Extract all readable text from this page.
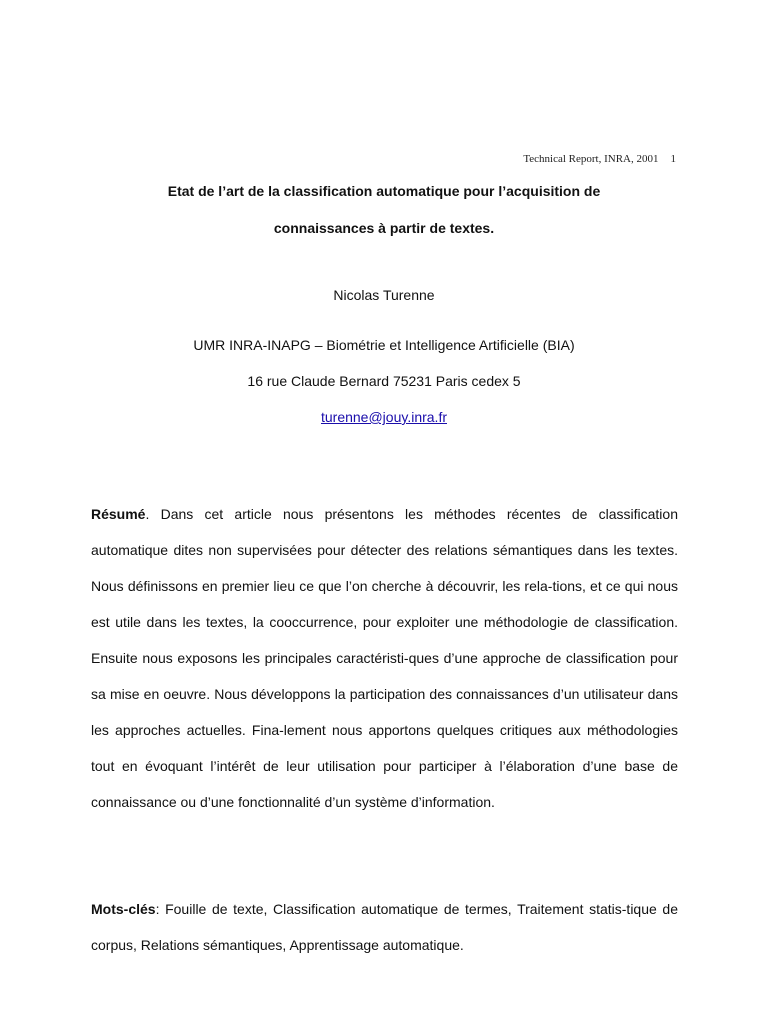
Technical Report, INRA, 2001 1
Etat de l’art de la classification automatique pour l’acquisition de
connaissances à partir de textes.
Nicolas Turenne
UMR INRA-INAPG – Biométrie et Intelligence Artificielle (BIA)
16 rue Claude Bernard 75231 Paris cedex 5
turenne@jouy.inra.fr
Résumé. Dans cet article nous présentons les méthodes récentes de classification automatique dites non supervisées pour détecter des relations sémantiques dans les textes. Nous définissons en premier lieu ce que l’on cherche à découvrir, les rela-tions, et ce qui nous est utile dans les textes, la cooccurrence, pour exploiter une méthodologie de classification. Ensuite nous exposons les principales caractéristi-ques d’une approche de classification pour sa mise en oeuvre. Nous développons la participation des connaissances d’un utilisateur dans les approches actuelles. Fina-lement nous apportons quelques critiques aux méthodologies tout en évoquant l’intérêt de leur utilisation pour participer à l’élaboration d’une base de connaissance ou d’une fonctionnalité d’un système d’information.
Mots-clés: Fouille de texte, Classification automatique de termes, Traitement statis-tique de corpus, Relations sémantiques, Apprentissage automatique.
